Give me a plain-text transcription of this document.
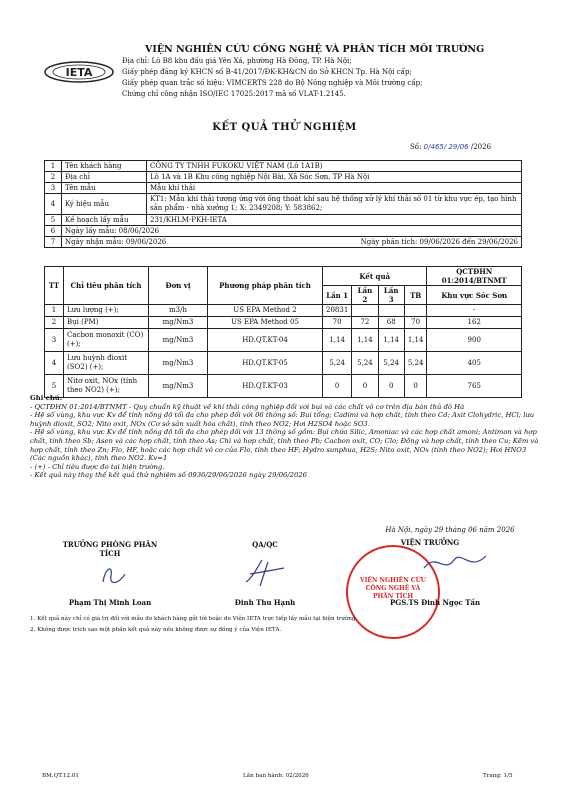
IETA
VIỆN NGHIÊN CỨU CÔNG NGHỆ VÀ PHÂN TÍCH MÔI TRƯỜNG
Địa chỉ: Lô B8 khu đấu giá Yên Xá, phường Hà Đông, TP. Hà Nội;
Giấy phép đăng ký KHCN số B-41/2017/ĐK-KH&CN do Sở KHCN Tp. Hà Nội cấp;
Giấy phép quan trắc số hiệu: VIMCERTS 228 do Bộ Nông nghiệp và Môi trường cấp;
Chứng chỉ công nhận ISO/IEC 17025:2017 mã số VLAT-1.2145.
KẾT QUẢ THỬ NGHIỆM
Số: 0/465/ 29/06 /2026
1	Tên khách hàng	CÔNG TY TNHH FUKOKU VIỆT NAM (Lô 1A1B)
2	Địa chỉ	Lô 1A và 1B Khu công nghiệp Nội Bài, Xã Sóc Sơn, TP Hà Nội
3	Tên mẫu	Mẫu khí thải
4	Ký hiệu mẫu	KT1: Mẫu khí thải tương ứng với ống thoát khí sau hệ thống xử lý khí thải số 01 từ khu vực ép, tạo hình sản phẩm - nhà xưởng 1; X: 2349208; Y: 583862;
5	Kế hoạch lấy mẫu	231/KHLM-PKH-IETA
6	Ngày lấy mẫu: 08/06/2026	
7	Ngày nhận mẫu: 09/06/2026 Ngày phân tích: 09/06/2026 đến 29/06/2026	
TT	Chỉ tiêu phân tích	Đơn vị	Phương pháp phân tích	Kết quả				QCTĐHN 01:2014/BTNMT
				Lần 1	Lần 2	Lần 3	TB	Khu vực Sóc Sơn
1	Lưu lượng (+);	m3/h	US EPA Method 2	20831				-
2	Bụi (PM)	mg/Nm3	US EPA Method 05	70	72	68	70	162
3	Cacbon monoxit (CO) (+);	mg/Nm3	HD.QT.KT-04	1,14	1,14	1,14	1,14	900
4	Lưu huỳnh đioxit (SO2) (+);	mg/Nm3	HD.QT.KT-05	5,24	5,24	5,24	5,24	405
5	Nitơ oxit, NOx (tính theo NO2) (+);	mg/Nm3	HD.QT.KT-03	0	0	0	0	765

Ghi chú:

- QCTĐHN 01:2014/BTNMT - Quy chuẩn kỹ thuật về khí thải công nghiệp đối với bụi và các chất vô cơ trên địa bàn thủ đô Hà

- Hệ số vùng, khu vực Kv để tính nồng độ tối đa cho phép đối với 06 thông số: Bụi tổng; Cadimi và hợp chất, tính theo Cd; Axit Clohydric, HCl; lưu huỳnh dioxit, SO2; Nito oxit, NOx (Cơ sở sản xuất hóa chất), tính theo NO2; Hơi H2SO4 hoặc SO3.

- Hệ số vùng, khu vực Kv để tính nồng độ tối đa cho phép đối với 13 thông số gồm: Bụi chứa Silic, Amoniac và các hợp chất amoni; Antimon và hợp chất, tính theo Sb; Asen và các hợp chất, tính theo As; Chì và hợp chất, tính theo Pb; Cacbon oxit, CO; Clo; Đồng và hợp chất, tính theo Cu; Kẽm và hợp chất, tính theo Zn; Flo, HF, hoặc các hợp chất vô cơ của Flo, tính theo HF; Hydro sunphua, H2S; Nito oxit, NOx (tính theo NO2); Hơi HNO3 (Các nguồn khác), tính theo NO2. Kv=1

- (+) - Chỉ tiêu được đo tại hiện trường.

- Kết quả này thay thế kết quả thử nghiệm số 0936/29/06/2026 ngày 29/06/2026

Hà Nội, ngày 29 tháng 06 năm 2026
TRƯỞNG PHÒNG PHÂN TÍCH
Phạm Thị Minh Loan
QA/QC
Đinh Thu Hạnh
VIỆN TRƯỞNG
VIỆN NGHIÊN CỨU CÔNG NGHỆ VÀ PHÂN TÍCH
PGS.TS Đinh Ngọc Tấn
1. Kết quả này chỉ có giá trị đối với mẫu do khách hàng gửi tới hoặc do Viện IETA trực tiếp lấy mẫu tại hiện trường.
2. Không được trích sao một phần kết quả này nếu không được sự đồng ý của Viện IETA.
BM.QT.12.01	Lần ban hành: 02/2026	Trang: 1/5
